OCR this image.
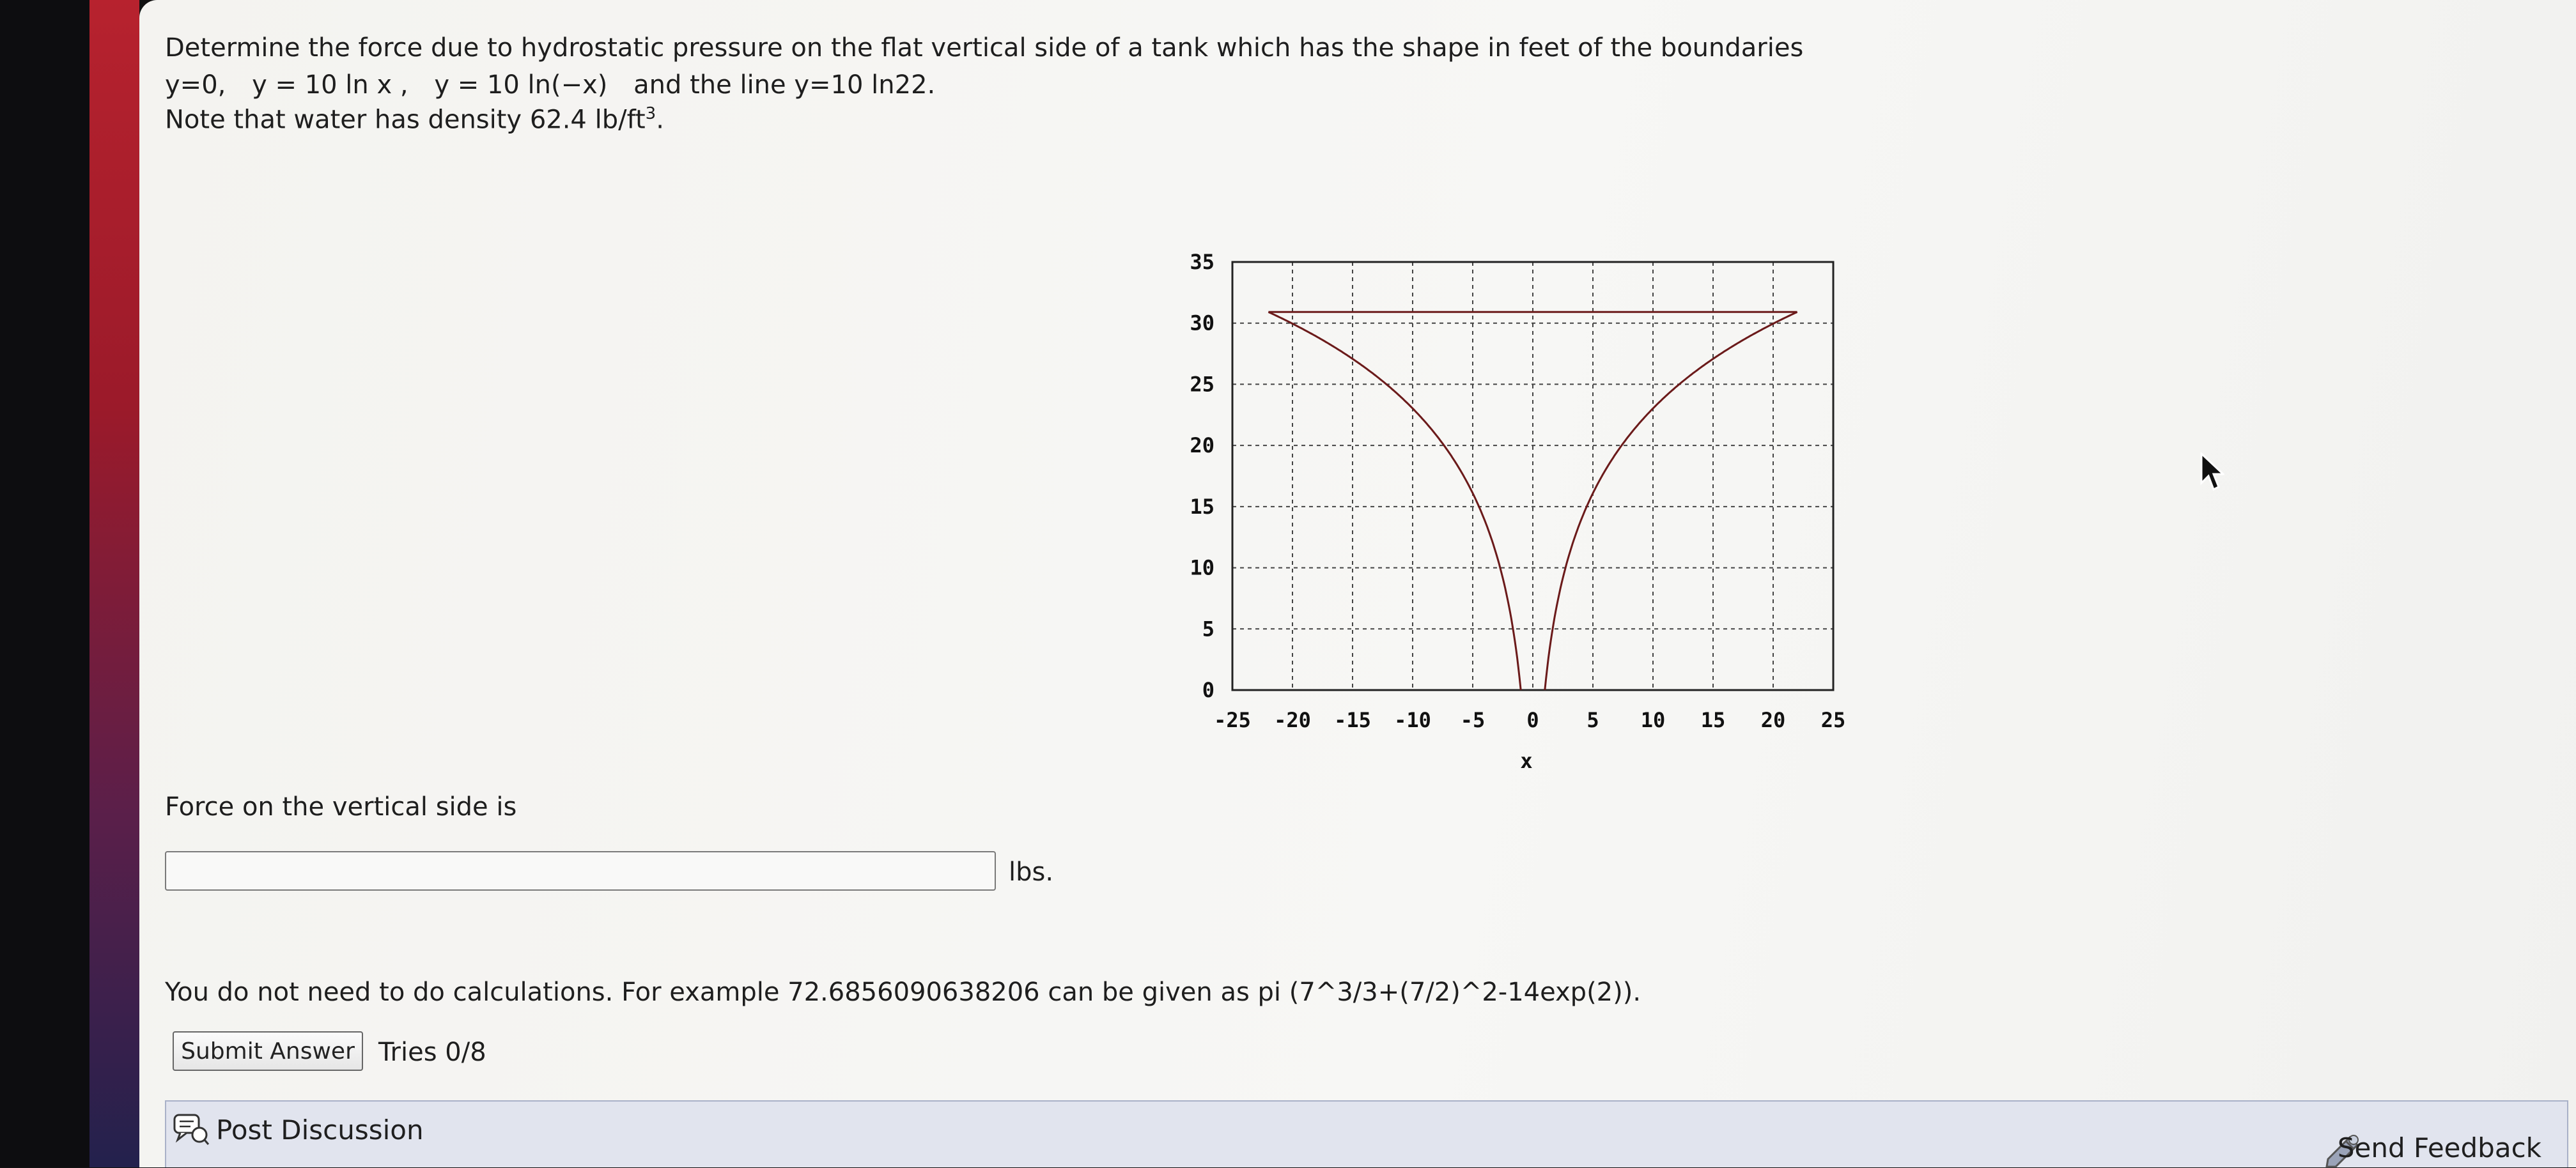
Determine the force due to hydrostatic pressure on the flat vertical side of a tank which has the shape in feet of the boundaries
y=0, y = 10 ln x , y = 10 ln(−x) and the line y=10 ln22.
Note that water has density 62.4 $lb/ft^3$.
-25 -20 -15 -10 -5 0 5 10 15 20 25
0
5
10
15
20
25
30
35
x
Force on the vertical side is
lbs.
You do not need to do calculations. For example 72.6856090638206 can be given as pi (7^3/3+(7/2)^2-14exp(2)).
Submit Answer Tries 0/8
Post Discussion
Send Feedback
